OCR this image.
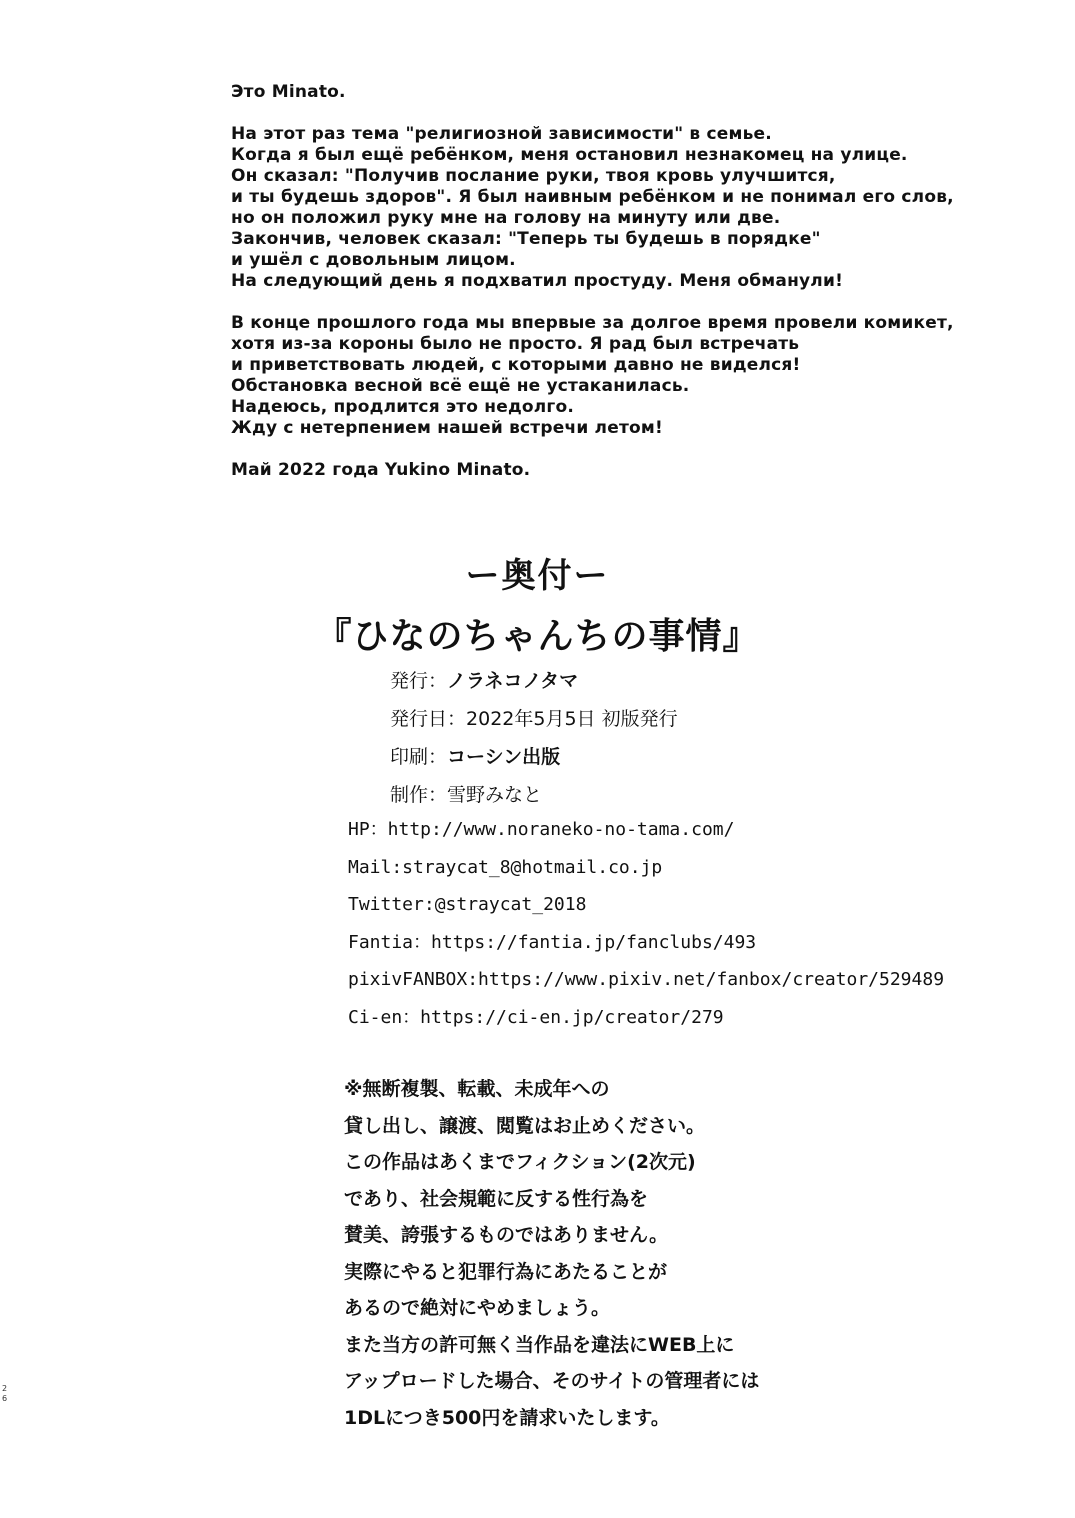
Это Minato.

На этот раз тема "религиозной зависимости" в семье.
Когда я был ещё ребёнком, меня остановил незнакомец на улице.
Он сказал: "Получив послание руки, твоя кровь улучшится,
и ты будешь здоров". Я был наивным ребёнком и не понимал его слов,
но он положил руку мне на голову на минуту или две.
Закончив, человек сказал: "Теперь ты будешь в порядке"
и ушёл с довольным лицом.
На следующий день я подхватил простуду. Меня обманули!

В конце прошлого года мы впервые за долгое время провели комикет,
хотя из-за короны было не просто. Я рад был встречать
и приветствовать людей, с которыми давно не виделся!
Обстановка весной всё ещё не устаканилась.
Надеюсь, продлится это недолго.
Жду с нетерпением нашей встречи летом!

Май 2022 года Yukino Minato.

ー奥付ー
『ひなのちゃんちの事情』
発行：ノラネコノタマ
発行日：2022年5月5日 初版発行
印刷：コーシン出版
制作：雪野みなと
HP：http://www.noraneko-no-tama.com/
Mail:straycat_8@hotmail.co.jp
Twitter:@straycat_2018
Fantia：https://fantia.jp/fanclubs/493
pixivFANBOX:https://www.pixiv.net/fanbox/creator/529489
Ci-en：https://ci-en.jp/creator/279
※無断複製、転載、未成年への
貸し出し、譲渡、閲覧はお止めください。
この作品はあくまでフィクション(2次元)
であり、社会規範に反する性行為を
賛美、誇張するものではありません。
実際にやると犯罪行為にあたることが
あるので絶対にやめましょう。
また当方の許可無く当作品を違法にWEB上に
アップロードした場合、そのサイトの管理者には
1DLにつき500円を請求いたします。
2
6
